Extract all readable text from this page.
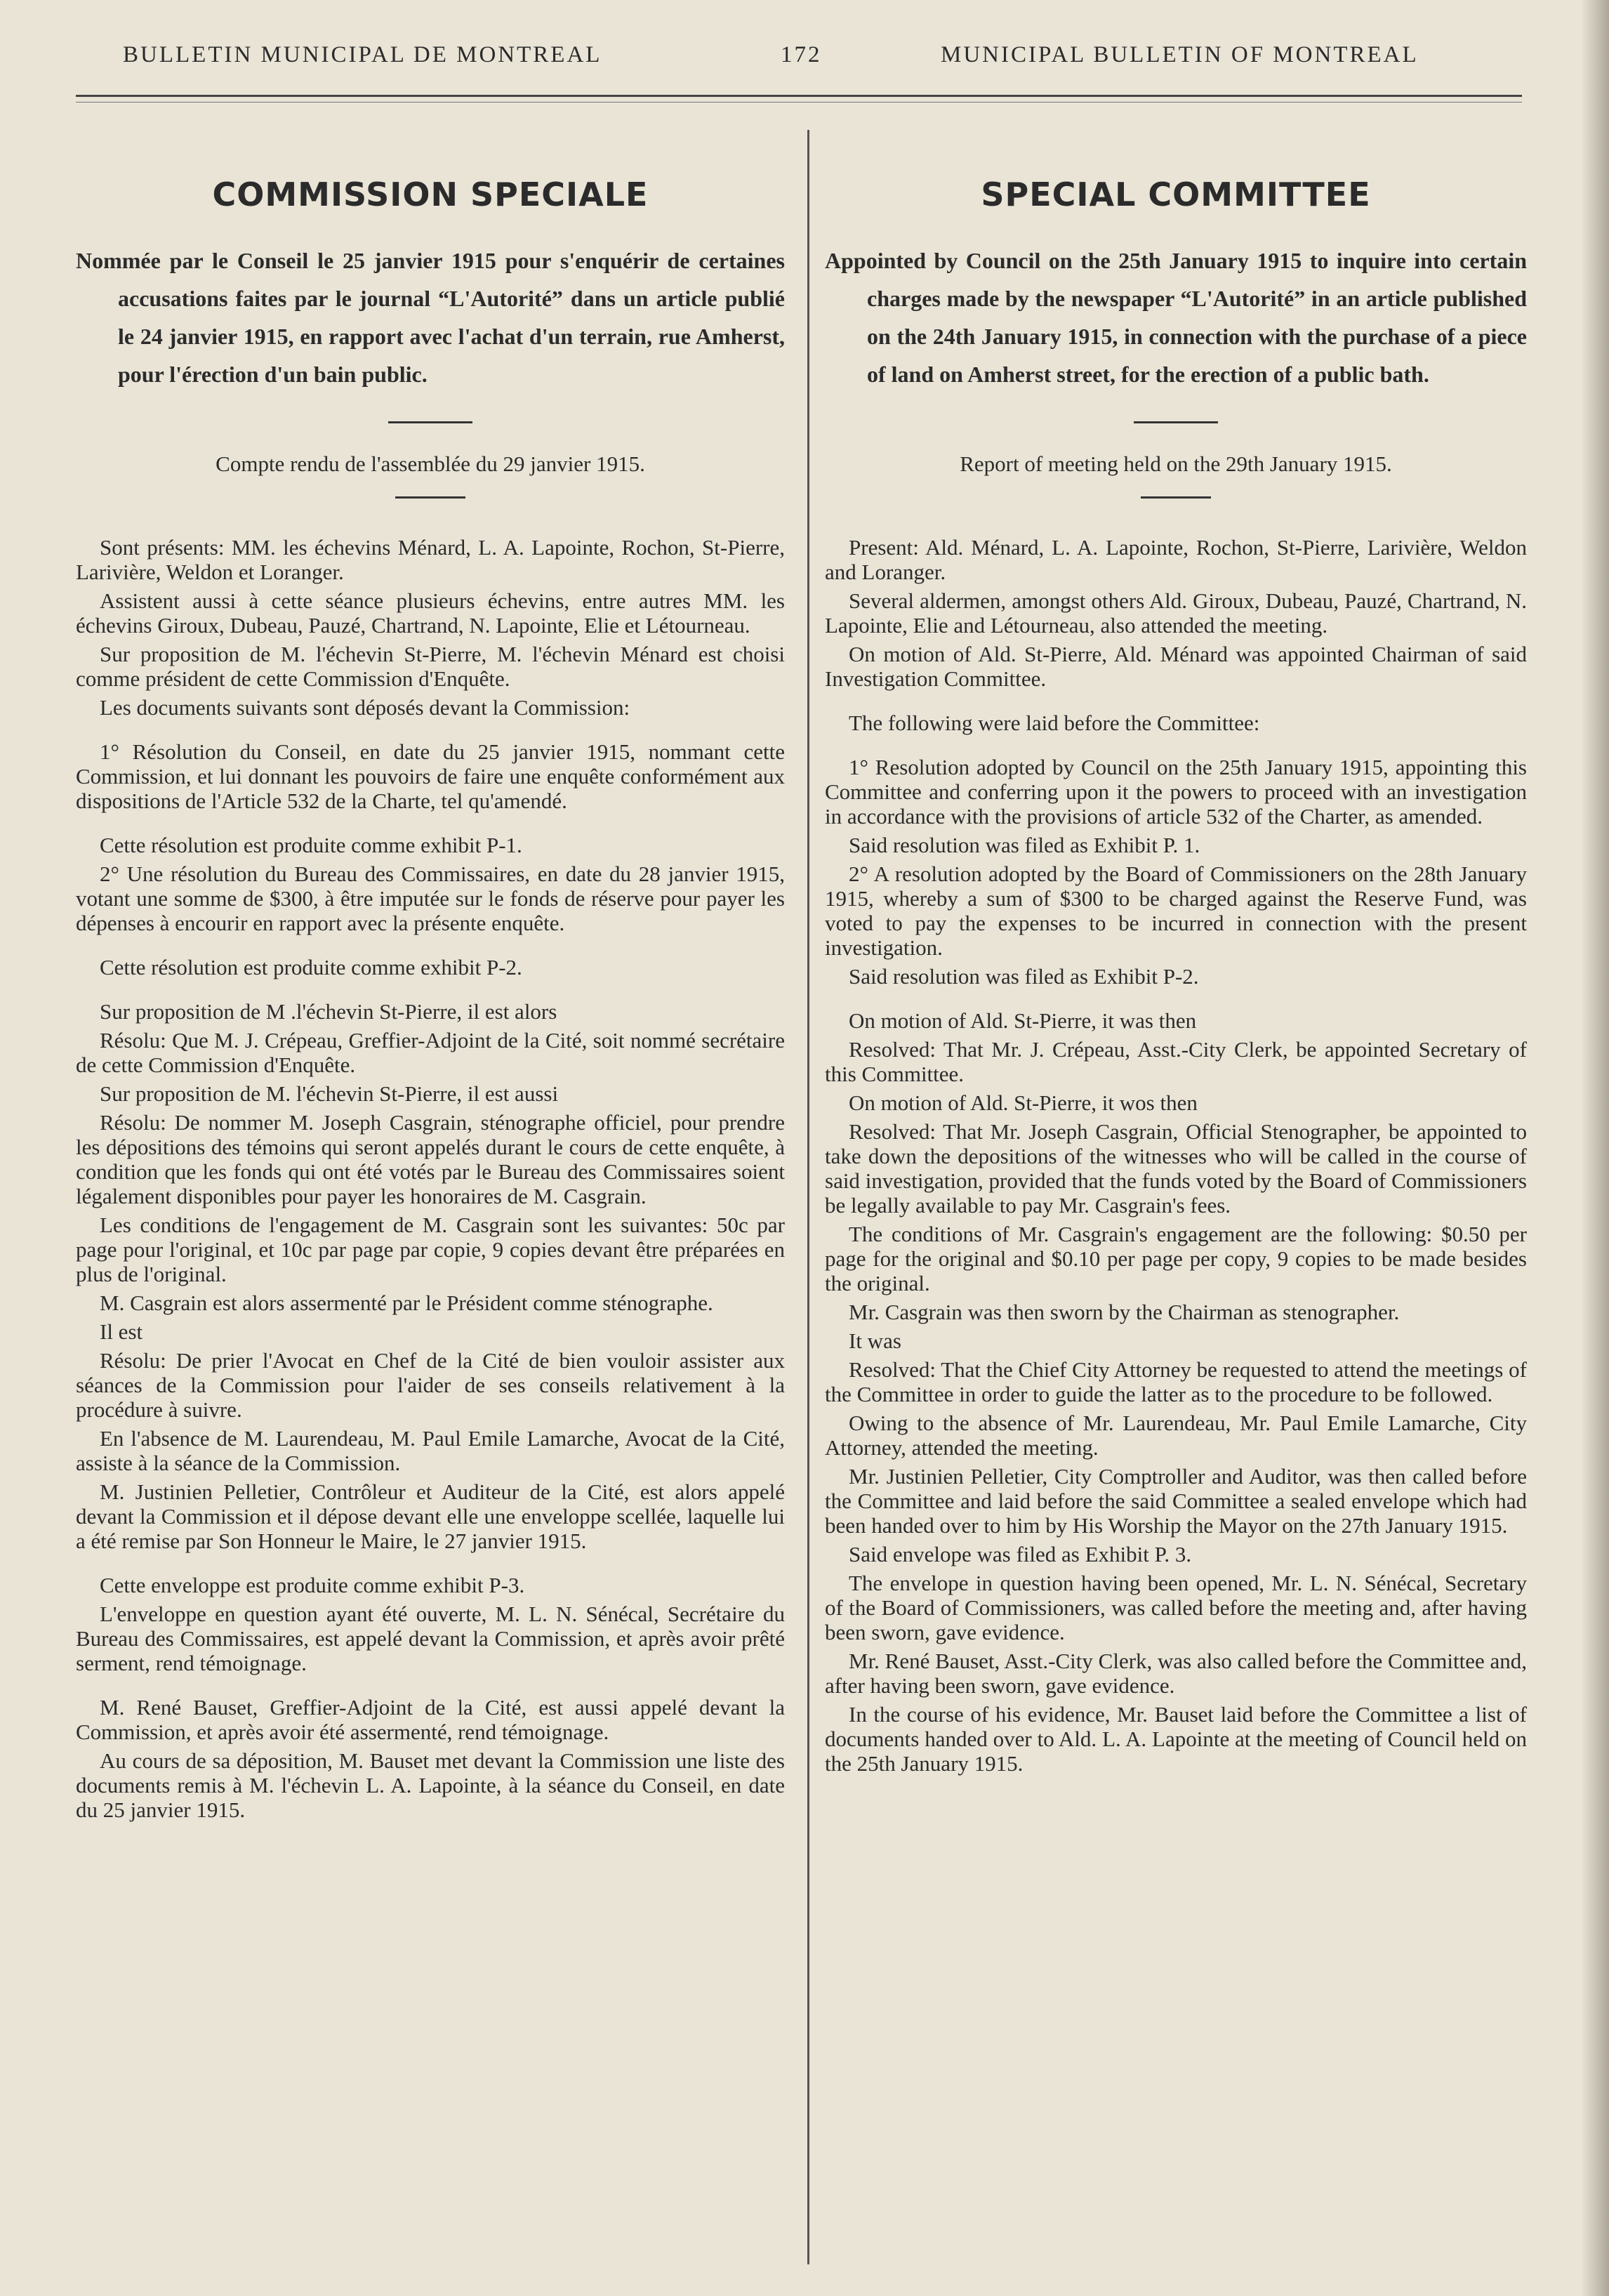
BULLETIN MUNICIPAL DE MONTREAL	172	MUNICIPAL BULLETIN OF MONTREAL
COMMISSION SPECIALE

Nommée par le Conseil le 25 janvier 1915 pour s'enquérir de certaines accusations faites par le journal “L'Autorité” dans un article publié le 24 janvier 1915, en rapport avec l'achat d'un terrain, rue Amherst, pour l'érection d'un bain public.

Compte rendu de l'assemblée du 29 janvier 1915.

Sont présents: MM. les échevins Ménard, L. A. Lapointe, Rochon, St-Pierre, Larivière, Weldon et Loranger.

Assistent aussi à cette séance plusieurs échevins, entre autres MM. les échevins Giroux, Dubeau, Pauzé, Chartrand, N. Lapointe, Elie et Létourneau.

Sur proposition de M. l'échevin St-Pierre, M. l'échevin Ménard est choisi comme président de cette Commission d'Enquête.

Les documents suivants sont déposés devant la Commission:

1° Résolution du Conseil, en date du 25 janvier 1915, nommant cette Commission, et lui donnant les pouvoirs de faire une enquête conformément aux dispositions de l'Article 532 de la Charte, tel qu'amendé.

Cette résolution est produite comme exhibit P-1.

2° Une résolution du Bureau des Commissaires, en date du 28 janvier 1915, votant une somme de $300, à être imputée sur le fonds de réserve pour payer les dépenses à encourir en rapport avec la présente enquête.

Cette résolution est produite comme exhibit P-2.

Sur proposition de M .l'échevin St-Pierre, il est alors

Résolu: Que M. J. Crépeau, Greffier-Adjoint de la Cité, soit nommé secrétaire de cette Commission d'Enquête.

Sur proposition de M. l'échevin St-Pierre, il est aussi

Résolu: De nommer M. Joseph Casgrain, sténographe officiel, pour prendre les dépositions des témoins qui seront appelés durant le cours de cette enquête, à condition que les fonds qui ont été votés par le Bureau des Commissaires soient légalement disponibles pour payer les honoraires de M. Casgrain.

Les conditions de l'engagement de M. Casgrain sont les suivantes: 50c par page pour l'original, et 10c par page par copie, 9 copies devant être préparées en plus de l'original.

M. Casgrain est alors assermenté par le Président comme sténographe.

Il est

Résolu: De prier l'Avocat en Chef de la Cité de bien vouloir assister aux séances de la Commission pour l'aider de ses conseils relativement à la procédure à suivre.

En l'absence de M. Laurendeau, M. Paul Emile Lamarche, Avocat de la Cité, assiste à la séance de la Commission.

M. Justinien Pelletier, Contrôleur et Auditeur de la Cité, est alors appelé devant la Commission et il dépose devant elle une enveloppe scellée, laquelle lui a été remise par Son Honneur le Maire, le 27 janvier 1915.

Cette enveloppe est produite comme exhibit P-3.

L'enveloppe en question ayant été ouverte, M. L. N. Sénécal, Secrétaire du Bureau des Commissaires, est appelé devant la Commission, et après avoir prêté serment, rend témoignage.

M. René Bauset, Greffier-Adjoint de la Cité, est aussi appelé devant la Commission, et après avoir été assermenté, rend témoignage.

Au cours de sa déposition, M. Bauset met devant la Commission une liste des documents remis à M. l'échevin L. A. Lapointe, à la séance du Conseil, en date du 25 janvier 1915.

SPECIAL COMMITTEE

Appointed by Council on the 25th January 1915 to inquire into certain charges made by the newspaper “L'Autorité” in an article published on the 24th January 1915, in connection with the purchase of a piece of land on Amherst street, for the erection of a public bath.

Report of meeting held on the 29th January 1915.

Present: Ald. Ménard, L. A. Lapointe, Rochon, St-Pierre, Larivière, Weldon and Loranger.

Several aldermen, amongst others Ald. Giroux, Dubeau, Pauzé, Chartrand, N. Lapointe, Elie and Létourneau, also attended the meeting.

On motion of Ald. St-Pierre, Ald. Ménard was appointed Chairman of said Investigation Committee.

The following were laid before the Committee:

1° Resolution adopted by Council on the 25th January 1915, appointing this Committee and conferring upon it the powers to proceed with an investigation in accordance with the provisions of article 532 of the Charter, as amended.

Said resolution was filed as Exhibit P. 1.

2° A resolution adopted by the Board of Commissioners on the 28th January 1915, whereby a sum of $300 to be charged against the Reserve Fund, was voted to pay the expenses to be incurred in connection with the present investigation.

Said resolution was filed as Exhibit P-2.

On motion of Ald. St-Pierre, it was then

Resolved: That Mr. J. Crépeau, Asst.-City Clerk, be appointed Secretary of this Committee.

On motion of Ald. St-Pierre, it wos then

Resolved: That Mr. Joseph Casgrain, Official Stenographer, be appointed to take down the depositions of the witnesses who will be called in the course of said investigation, provided that the funds voted by the Board of Commissioners be legally available to pay Mr. Casgrain's fees.

The conditions of Mr. Casgrain's engagement are the following: $0.50 per page for the original and $0.10 per page per copy, 9 copies to be made besides the original.

Mr. Casgrain was then sworn by the Chairman as stenographer.

It was

Resolved: That the Chief City Attorney be requested to attend the meetings of the Committee in order to guide the latter as to the procedure to be followed.

Owing to the absence of Mr. Laurendeau, Mr. Paul Emile Lamarche, City Attorney, attended the meeting.

Mr. Justinien Pelletier, City Comptroller and Auditor, was then called before the Committee and laid before the said Committee a sealed envelope which had been handed over to him by His Worship the Mayor on the 27th January 1915.

Said envelope was filed as Exhibit P. 3.

The envelope in question having been opened, Mr. L. N. Sénécal, Secretary of the Board of Commissioners, was called before the meeting and, after having been sworn, gave evidence.

Mr. René Bauset, Asst.-City Clerk, was also called before the Committee and, after having been sworn, gave evidence.

In the course of his evidence, Mr. Bauset laid before the Committee a list of documents handed over to Ald. L. A. Lapointe at the meeting of Council held on the 25th January 1915.
